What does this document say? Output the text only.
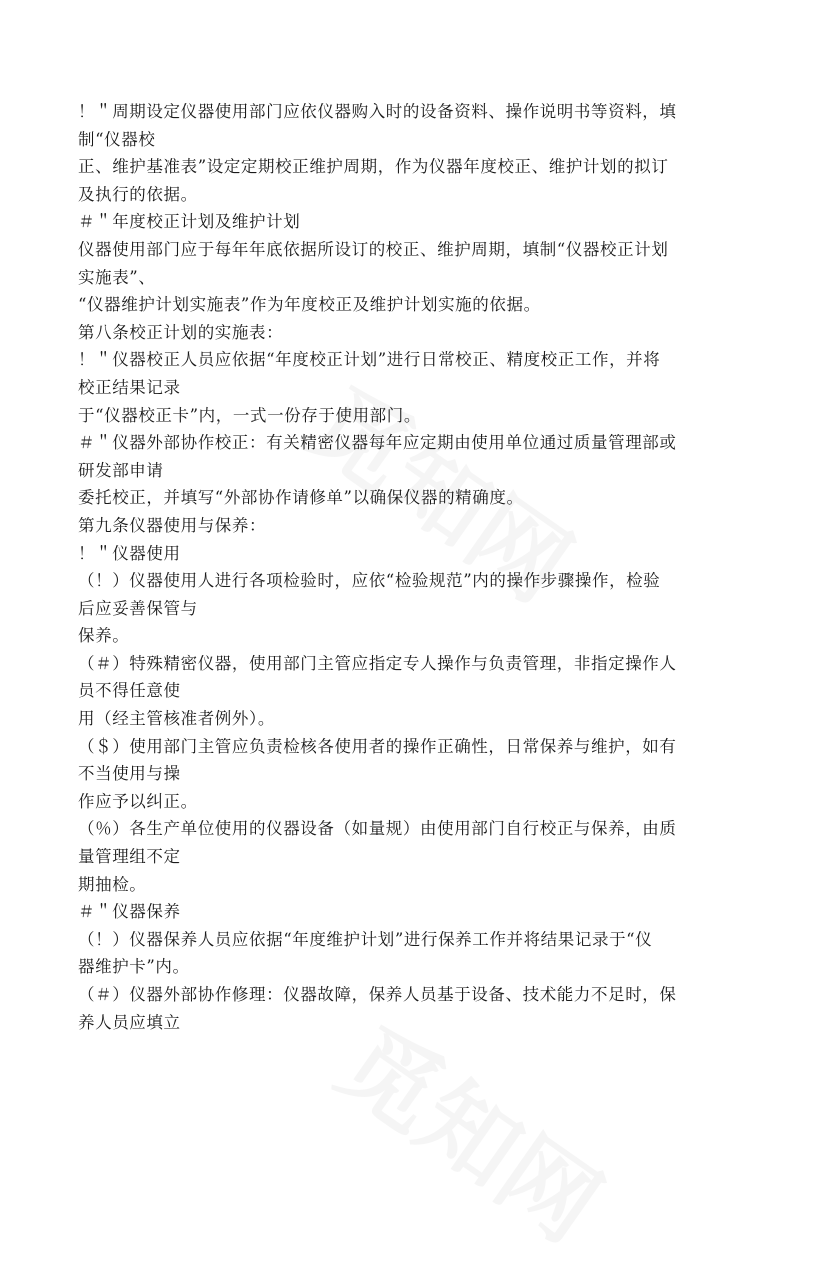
！＂周期设定仪器使用部门应依仪器购入时的设备资料、操作说明书等资料，填
制“仪器校
正、维护基准表”设定定期校正维护周期，作为仪器年度校正、维护计划的拟订
及执行的依据。
＃＂年度校正计划及维护计划
仪器使用部门应于每年年底依据所设订的校正、维护周期，填制“仪器校正计划
实施表”、
“仪器维护计划实施表”作为年度校正及维护计划实施的依据。
第八条校正计划的实施表：
！＂仪器校正人员应依据“年度校正计划”进行日常校正、精度校正工作，并将
校正结果记录
于“仪器校正卡”内，一式一份存于使用部门。
＃＂仪器外部协作校正：有关精密仪器每年应定期由使用单位通过质量管理部或
研发部申请
委托校正，并填写“外部协作请修单”以确保仪器的精确度。
第九条仪器使用与保养：
！＂仪器使用
（！）仪器使用人进行各项检验时，应依“检验规范”内的操作步骤操作，检验
后应妥善保管与
保养。
（＃）特殊精密仪器，使用部门主管应指定专人操作与负责管理，非指定操作人
员不得任意使
用（经主管核准者例外）。
（＄）使用部门主管应负责检核各使用者的操作正确性，日常保养与维护，如有
不当使用与操
作应予以纠正。
（％）各生产单位使用的仪器设备（如量规）由使用部门自行校正与保养，由质
量管理组不定
期抽检。
＃＂仪器保养
（！）仪器保养人员应依据“年度维护计划”进行保养工作并将结果记录于“仪
器维护卡”内。
（＃）仪器外部协作修理：仪器故障，保养人员基于设备、技术能力不足时，保
养人员应填立
